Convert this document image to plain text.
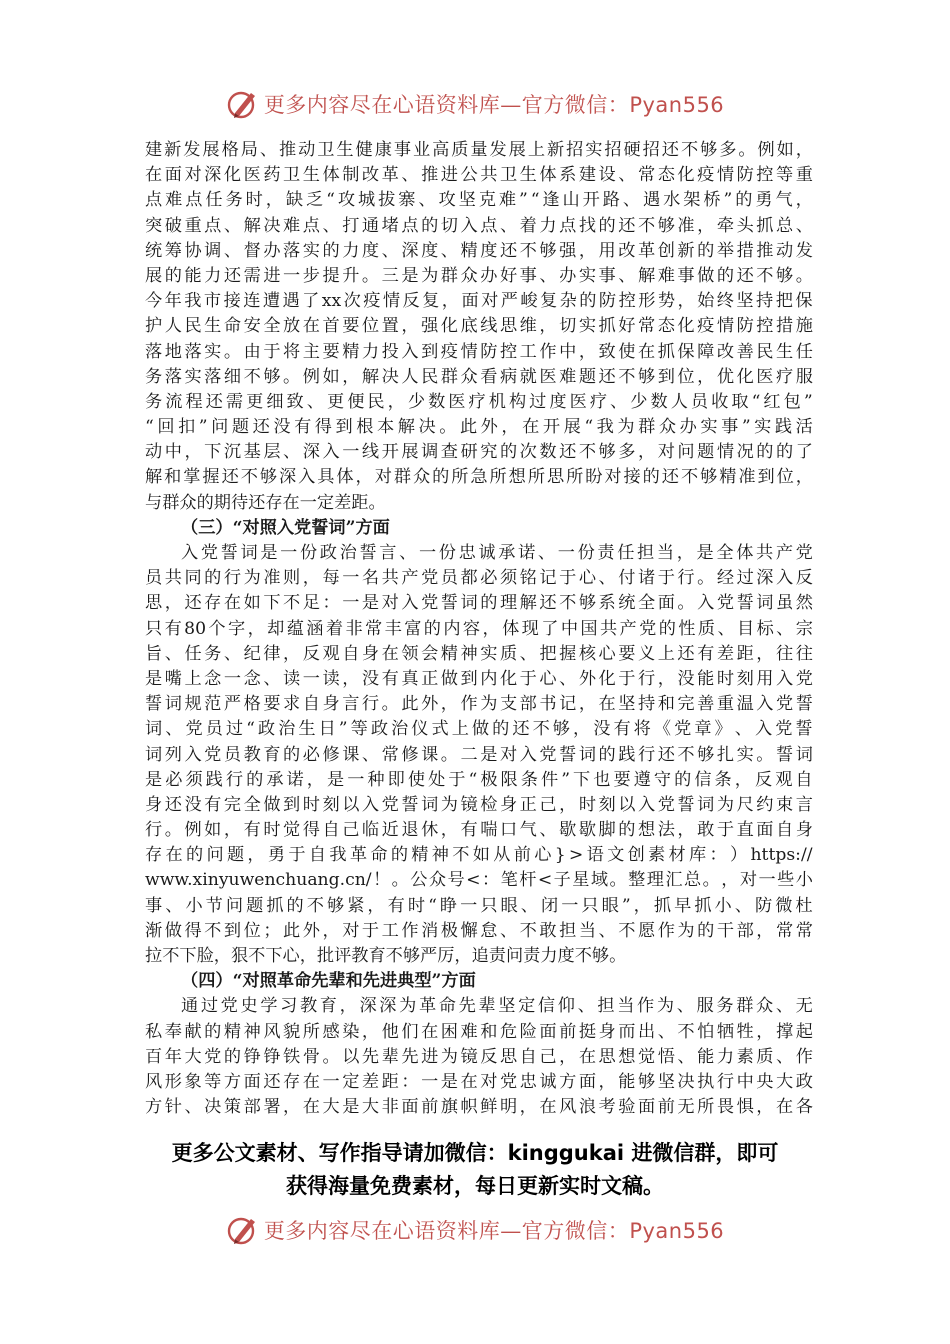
更多内容尽在心语资料库—官方微信：Pyan556
建 新 发 展 格 局 、 推 动 卫 生 健 康 事 业 高 质 量 发 展 上 新 招 实 招 硬 招 还 不 够 多 。 例 如 ，
在 面 对 深 化 医 药 卫 生 体 制 改 革 、 推 进 公 共 卫 生 体 系 建 设 、 常 态 化 疫 情 防 控 等 重
点 难 点 任 务 时 ， 缺 乏 “ 攻 城 拔 寨 、 攻 坚 克 难 ” “ 逢 山 开 路 、 遇 水 架 桥 ” 的 勇 气 ，
突 破 重 点 、 解 决 难 点 、 打 通 堵 点 的 切 入 点 、 着 力 点 找 的 还 不 够 准 ， 牵 头 抓 总 、
统 筹 协 调 、 督 办 落 实 的 力 度 、 深 度 、 精 度 还 不 够 强 ， 用 改 革 创 新 的 举 措 推 动 发
展 的 能 力 还 需 进 一 步 提 升 。 三 是 为 群 众 办 好 事 、 办 实 事 、 解 难 事 做 的 还 不 够 。
今 年 我 市 接 连 遭 遇 了 xx 次 疫 情 反 复 ， 面 对 严 峻 复 杂 的 防 控 形 势 ， 始 终 坚 持 把 保
护 人 民 生 命 安 全 放 在 首 要 位 置 ， 强 化 底 线 思 维 ， 切 实 抓 好 常 态 化 疫 情 防 控 措 施
落 地 落 实 。 由 于 将 主 要 精 力 投 入 到 疫 情 防 控 工 作 中 ， 致 使 在 抓 保 障 改 善 民 生 任
务 落 实 落 细 不 够 。 例 如 ， 解 决 人 民 群 众 看 病 就 医 难 题 还 不 够 到 位 ， 优 化 医 疗 服
务 流 程 还 需 更 细 致 、 更 便 民 ， 少 数 医 疗 机 构 过 度 医 疗 、 少 数 人 员 收 取 “ 红 包 ”
“ 回 扣 ” 问 题 还 没 有 得 到 根 本 解 决 。 此 外 ， 在 开 展 “ 我 为 群 众 办 实 事 ” 实 践 活
动 中 ， 下 沉 基 层 、 深 入 一 线 开 展 调 查 研 究 的 次 数 还 不 够 多 ， 对 问 题 情 况 的 的 了
解 和 掌 握 还 不 够 深 入 具 体 ， 对 群 众 的 所 急 所 想 所 思 所 盼 对 接 的 还 不 够 精 准 到 位 ，
与群众的期待还存在一定差距。
（三）“对照入党誓词”方面
入 党 誓 词 是 一 份 政 治 誓 言 、 一 份 忠 诚 承 诺 、 一 份 责 任 担 当 ， 是 全 体 共 产 党
员 共 同 的 行 为 准 则 ， 每 一 名 共 产 党 员 都 必 须 铭 记 于 心 、 付 诸 于 行 。 经 过 深 入 反
思 ， 还 存 在 如 下 不 足 ： 一 是 对 入 党 誓 词 的 理 解 还 不 够 系 统 全 面 。 入 党 誓 词 虽 然
只 有 80 个 字 ， 却 蕴 涵 着 非 常 丰 富 的 内 容 ， 体 现 了 中 国 共 产 党 的 性 质 、 目 标 、 宗
旨 、 任 务 、 纪 律 ， 反 观 自 身 在 领 会 精 神 实 质 、 把 握 核 心 要 义 上 还 有 差 距 ， 往 往
是 嘴 上 念 一 念 、 读 一 读 ， 没 有 真 正 做 到 内 化 于 心 、 外 化 于 行 ， 没 能 时 刻 用 入 党
誓 词 规 范 严 格 要 求 自 身 言 行 。 此 外 ， 作 为 支 部 书 记 ， 在 坚 持 和 完 善 重 温 入 党 誓
词 、 党 员 过 “ 政 治 生 日 ” 等 政 治 仪 式 上 做 的 还 不 够 ， 没 有 将 《 党 章 》 、 入 党 誓
词 列 入 党 员 教 育 的 必 修 课 、 常 修 课 。 二 是 对 入 党 誓 词 的 践 行 还 不 够 扎 实 。 誓 词
是 必 须 践 行 的 承 诺 ， 是 一 种 即 使 处 于 “ 极 限 条 件 ” 下 也 要 遵 守 的 信 条 ， 反 观 自
身 还 没 有 完 全 做 到 时 刻 以 入 党 誓 词 为 镜 检 身 正 己 ， 时 刻 以 入 党 誓 词 为 尺 约 束 言
行 。 例 如 ， 有 时 觉 得 自 己 临 近 退 休 ， 有 喘 口 气 、 歇 歇 脚 的 想 法 ， 敢 于 直 面 自 身
存 在 的 问 题 ， 勇 于 自 我 革 命 的 精 神 不 如 从 前 心 } > 语 文 创 素 材 库 ： ） https://
www.xinyuwenchuang.cn/ ！ 。 公 众 号 < ： 笔 杆 < 子 星 域 。 整 理 汇 总 。 ， 对 一 些 小
事 、 小 节 问 题 抓 的 不 够 紧 ， 有 时 “ 睁 一 只 眼 、 闭 一 只 眼 ” ， 抓 早 抓 小 、 防 微 杜
渐 做 得 不 到 位 ； 此 外 ， 对 于 工 作 消 极 懈 怠 、 不 敢 担 当 、 不 愿 作 为 的 干 部 ， 常 常
拉不下脸，狠不下心，批评教育不够严厉，追责问责力度不够。
（四）“对照革命先辈和先进典型”方面
通 过 党 史 学 习 教 育 ， 深 深 为 革 命 先 辈 坚 定 信 仰 、 担 当 作 为 、 服 务 群 众 、 无
私 奉 献 的 精 神 风 貌 所 感 染 ， 他 们 在 困 难 和 危 险 面 前 挺 身 而 出 、 不 怕 牺 牲 ， 撑 起
百 年 大 党 的 铮 铮 铁 骨 。 以 先 辈 先 进 为 镜 反 思 自 己 ， 在 思 想 觉 悟 、 能 力 素 质 、 作
风 形 象 等 方 面 还 存 在 一 定 差 距 ： 一 是 在 对 党 忠 诚 方 面 ， 能 够 坚 决 执 行 中 央 大 政
方 针 、 决 策 部 署 ， 在 大 是 大 非 面 前 旗 帜 鲜 明 ， 在 风 浪 考 验 面 前 无 所 畏 惧 ， 在 各
更多公文素材、写作指导请加微信：kinggukai 进微信群，即可
获得海量免费素材，每日更新实时文稿。
更多内容尽在心语资料库—官方微信：Pyan556
